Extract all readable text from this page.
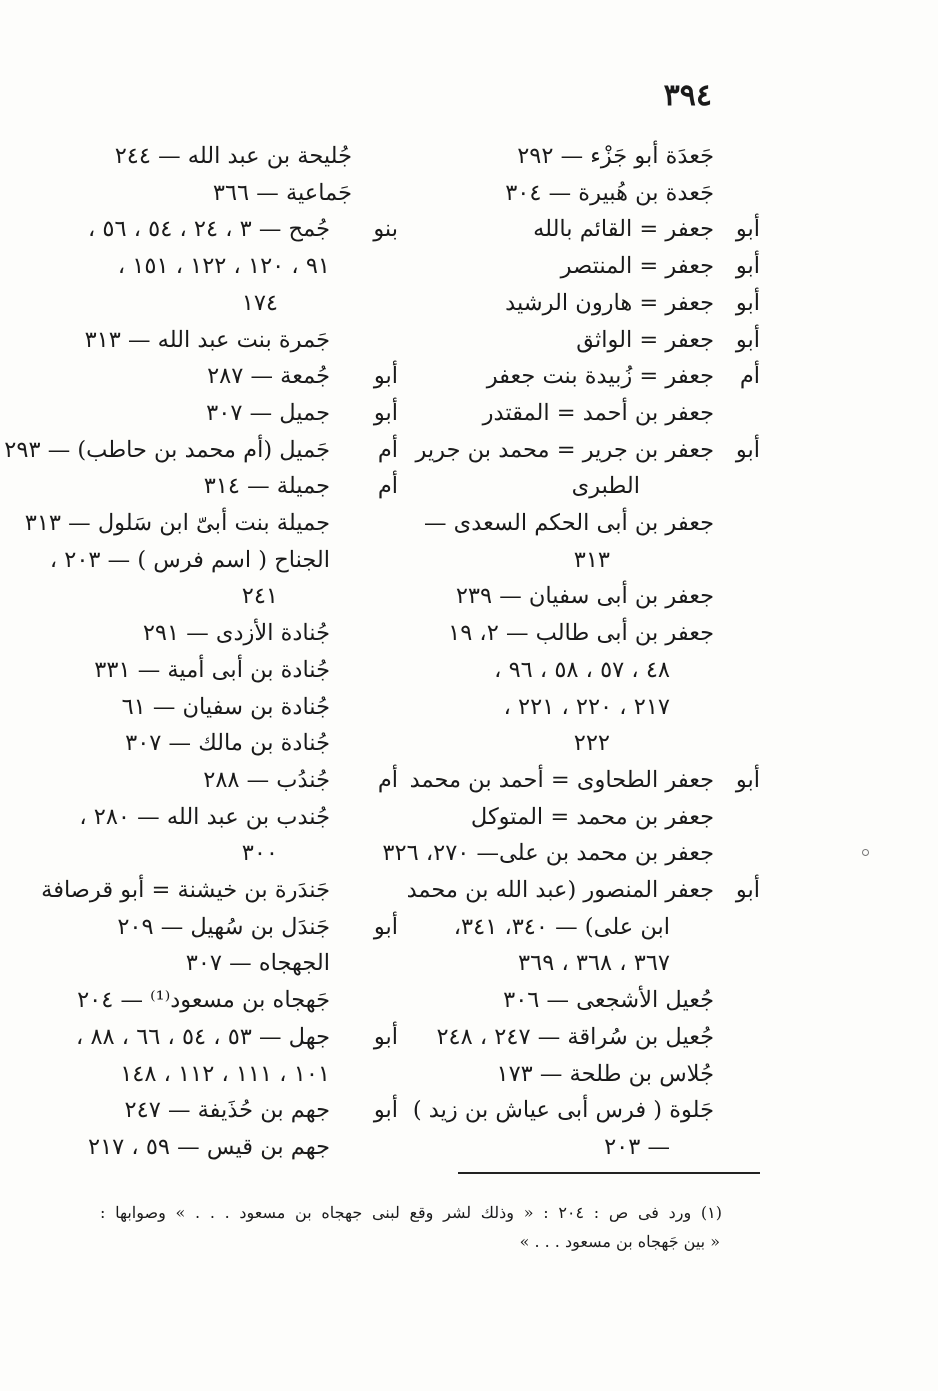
٣٩٤
جَعدَة أبو جَزْء — ٢٩٢
جَعدة بن هُبيرة — ٣٠٤
أبو
جعفر = القائم بالله
أبو
جعفر = المنتصر
أبو
جعفر = هارون الرشيد
أبو
جعفر = الواثق
أم
جعفر = زُبيدة بنت جعفر
جعفر بن أحمد = المقتدر
أبو
جعفر بن جرير = محمد بن جرير
الطبرى
جعفر بن أبى الحكم السعدى —
٣١٣
جعفر بن أبى سفيان — ٢٣٩
جعفر بن أبى طالب — ٢، ١٩
٤٨ ، ٥٧ ، ٥٨ ، ٩٦ ،
٢١٧ ، ٢٢٠ ، ٢٢١ ،
٢٢٢
أبو
جعفر الطحاوى = أحمد بن محمد
جعفر بن محمد = المتوكل
جعفر بن محمد بن على— ٢٧٠، ٣٢٦
أبو
جعفر المنصور (عبد الله بن محمد
ابن على) — ٣٤٠، ٣٤١،
٣٦٧ ، ٣٦٨ ، ٣٦٩
جُعيل الأشجعى — ٣٠٦
جُعيل بن سُراقة — ٢٤٧ ، ٢٤٨
جُلاس بن طلحة — ١٧٣
جَلوة ( فرس أبى عياش بن زيد )
— ٢٠٣
جُليحة بن عبد الله — ٢٤٤
جَماعية — ٣٦٦
بنو
جُمح — ٣ ، ٢٤ ، ٥٤ ، ٥٦ ،
٩١ ، ١٢٠ ، ١٢٢ ، ١٥١ ،
١٧٤
جَمرة بنت عبد الله — ٣١٣
أبو
جُمعة — ٢٨٧
أبو
جميل — ٣٠٧
أم
جَميل (أم محمد بن حاطب) — ٢٩٣
أم
جميلة — ٣١٤
جميلة بنت أبىّ ابن سَلول — ٣١٣
الجناح ( اسم فرس ) — ٢٠٣ ،
٢٤١
جُنادة الأزدى — ٢٩١
جُنادة بن أبى أمية — ٣٣١
جُنادة بن سفيان — ٦١
جُنادة بن مالك — ٣٠٧
أم
جُندُب — ٢٨٨
جُندب بن عبد الله — ٢٨٠ ،
٣٠٠
جَندَرة بن خيشنة = أبو قرصافة
أبو
جَندَل بن سُهيل — ٢٠٩
الجهجاه — ٣٠٧
جَهجاه بن مسعود⁽¹⁾ — ٢٠٤
أبو
جهل — ٥٣ ، ٥٤ ، ٦٦ ، ٨٨ ،
١٠١ ، ١١١ ، ١١٢ ، ١٤٨
أبو
جهم بن حُذَيفة — ٢٤٧
جهم بن قيس — ٥٩ ، ٢١٧
(١) ورد فى ص : ٢٠٤ : « وذلك لشر وقع لبنى جهجاه بن مسعود . . . » وصوابها :
« بين جَهجاه بن مسعود . . . »
